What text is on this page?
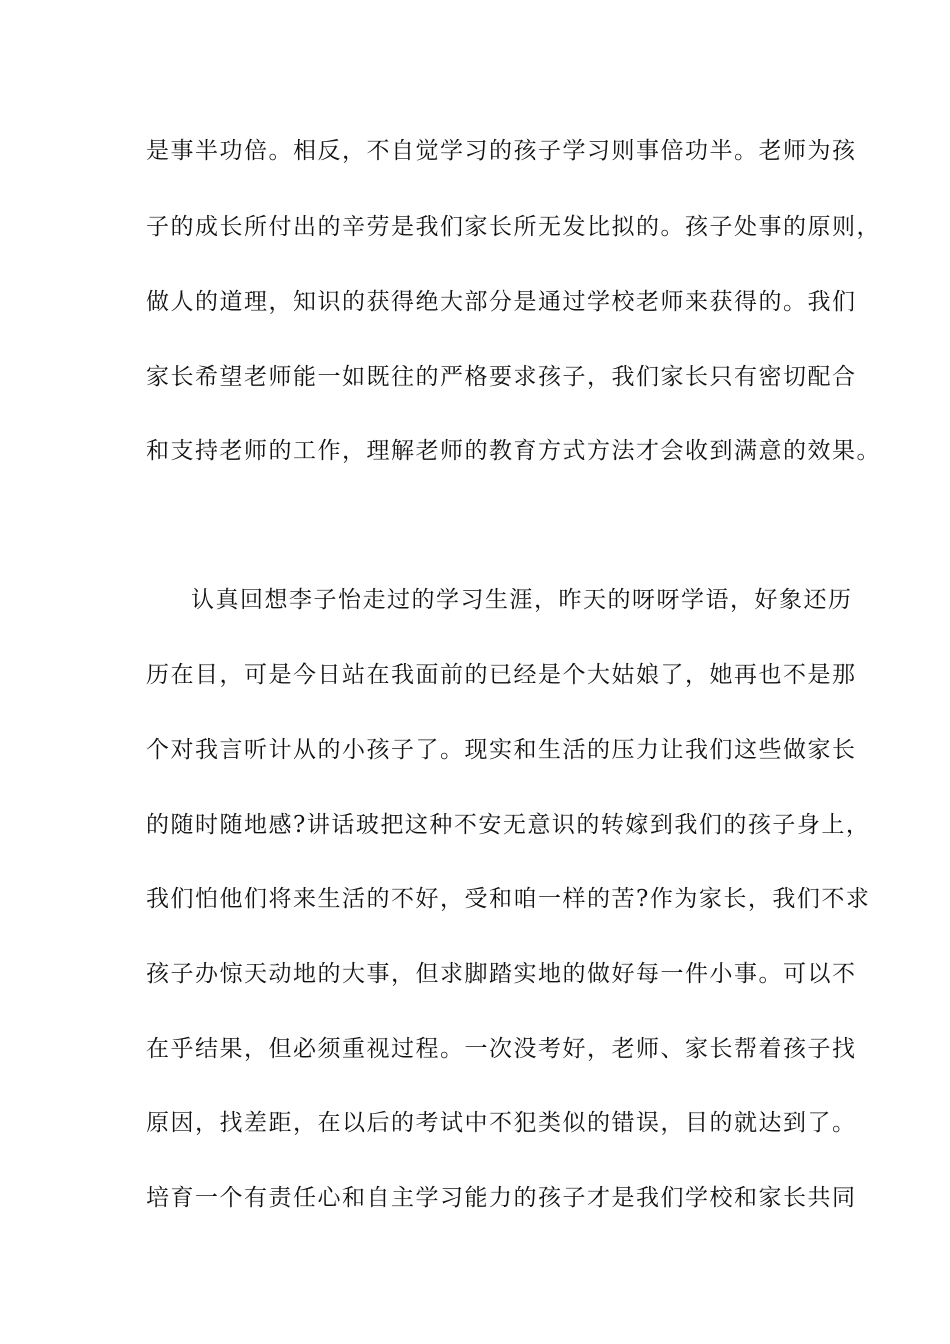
是事半功倍。相反，不自觉学习的孩子学习则事倍功半。老师为孩
子的成长所付出的辛劳是我们家长所无发比拟的。孩子处事的原则，
做人的道理，知识的获得绝大部分是通过学校老师来获得的。我们
家长希望老师能一如既往的严格要求孩子，我们家长只有密切配合
和支持老师的工作，理解老师的教育方式方法才会收到满意的效果。
认真回想李子怡走过的学习生涯，昨天的呀呀学语，好象还历
历在目，可是今日站在我面前的已经是个大姑娘了，她再也不是那
个对我言听计从的小孩子了。现实和生活的压力让我们这些做家长
的随时随地感?讲话玻把这种不安无意识的转嫁到我们的孩子身上，
我们怕他们将来生活的不好，受和咱一样的苦?作为家长，我们不求
孩子办惊天动地的大事，但求脚踏实地的做好每一件小事。可以不
在乎结果，但必须重视过程。一次没考好，老师、家长帮着孩子找
原因，找差距，在以后的考试中不犯类似的错误，目的就达到了。
培育一个有责任心和自主学习能力的孩子才是我们学校和家长共同
